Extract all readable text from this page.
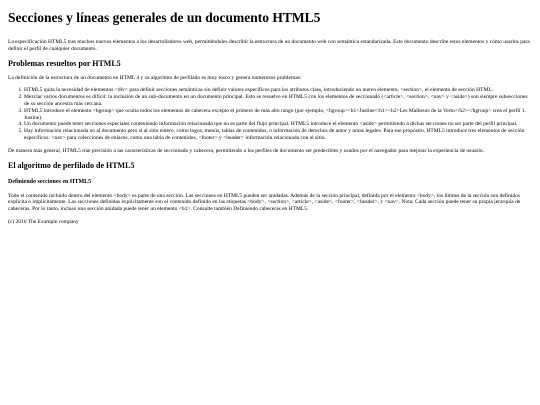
Secciones y líneas generales de un documento HTML5

La especificación HTML5 trae muchos nuevos elementos a los desarrolladores web, permitiéndoles describir la estructura de un documento web con semántica estandarizada. Este documento describe estos elementos y cómo usarlos para definir el perfil de cualquier documento.

Problemas resueltos por HTML5

La definición de la estructura de un documento en HTML 4 y su algoritmo de perfilado es muy tosco y genera numerosos problemas:

1. HTML5 quita la necesidad de elementos <div> para definir secciones semánticas sin definir valores específicos para los atributos class, introduciendo un nuevo elemento, <section>, el elemento de sección HTML.
2. Mezclar varios documentos es difícil: la inclusión de un sub-documento en un documento principal. Esto se resuelve en HTML5 con los elementos de seccionado (<article>, <section>, <nav> y <aside>) son siempre subsecciones de su sección ancestra más cercana.
3. HTML5 introduce el elemento <hgroup> que oculta todos los elementos de cabecera excepto el primero de más alto rango (por ejemplo, <hgroup><h1>Justine</h1><h2>Les Malheurs de la Vertu</h2></hgroup> crea el perfil 1. Justine).
4. Un documento puede tener secciones especiales conteniendo información relacionada que no es parte del flujo principal. HTML5 introduce el elemento <aside> permitiendo a dichas secciones no ser parte del perfil principal.
5. Hay información relacionada no al documento pero si al sitio entero, como logos, menús, tablas de contenidos, o información de derechos de autor y notas legales. Para ese propósito, HTML5 introduce tres elementos de sección específicos: <nav> para colecciones de enlaces, como una tabla de contenidos, <footer> y <header> información relacionada con el sitio.

De manera más general, HTML5 trae precisión a las características de seccionado y cabecera, permitiendo a los perfiles de documento ser predecibles y usados por el navegador para mejorar la experiencia de usuario.

El algoritmo de perfilado de HTML5
Definiendo secciones en HTML5

Todo el contenido incluido dentro del elemento <body> es parte de una sección. Las secciones en HTML5 pueden ser anidadas. Además de la sección principal, definida por el elemento <body>, los límites de la sección son definidos explícita o implícitamente. Las secciones definidas explícitamente son el contenido definido en las etiquetas <body>, <section>, <article>, <aside>, <footer>, <header>, y <nav>. Nota: Cada sección puede tener su propia jerarquía de cabeceras. Por lo tanto, incluso una sección anidada puede tener un elemento <h1>. Consulte también Definiendo cabeceras en HTML5.

(c) 2010 The Example company
